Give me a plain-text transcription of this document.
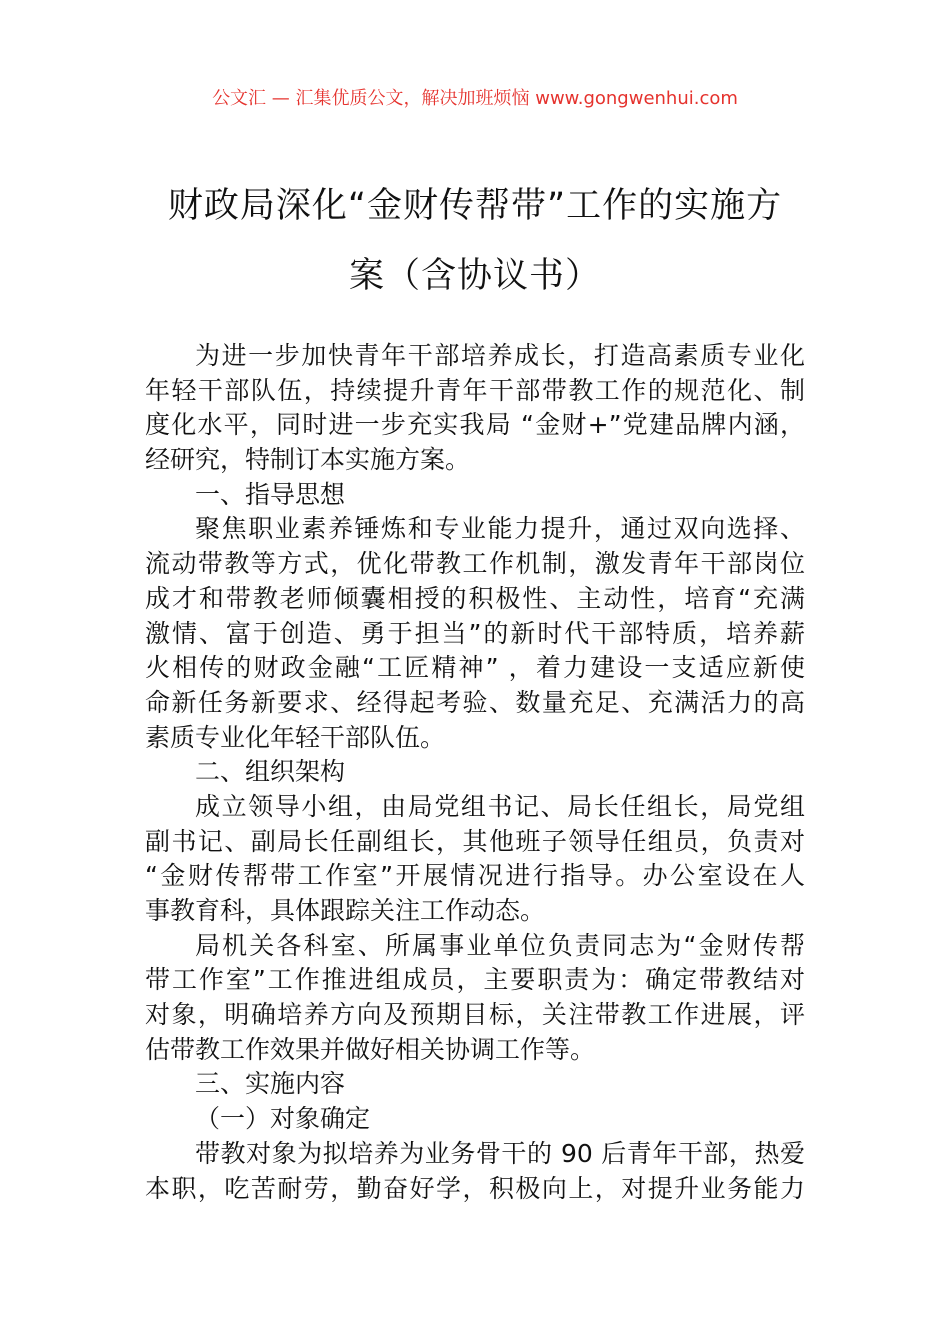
公文汇 — 汇集优质公文，解决加班烦恼 www.gongwenhui.com
财政局深化“金财传帮带”工作的实施方
案（含协议书）
为进一步加快青年干部培养成长，打造高素质专业化
年轻干部队伍，持续提升青年干部带教工作的规范化、制
度化水平，同时进一步充实我局 “金财+”党建品牌内涵，
经研究，特制订本实施方案。
一、指导思想
聚焦职业素养锤炼和专业能力提升，通过双向选择、
流动带教等方式，优化带教工作机制，激发青年干部岗位
成才和带教老师倾囊相授的积极性、主动性，培育“充满
激情、富于创造、勇于担当”的新时代干部特质，培养薪
火相传的财政金融“工匠精神” ，着力建设一支适应新使
命新任务新要求、经得起考验、数量充足、充满活力的高
素质专业化年轻干部队伍。
二、组织架构
成立领导小组，由局党组书记、局长任组长，局党组
副书记、副局长任副组长，其他班子领导任组员，负责对
“金财传帮带工作室”开展情况进行指导。办公室设在人
事教育科，具体跟踪关注工作动态。
局机关各科室、所属事业单位负责同志为“金财传帮
带工作室”工作推进组成员，主要职责为：确定带教结对
对象，明确培养方向及预期目标，关注带教工作进展，评
估带教工作效果并做好相关协调工作等。
三、实施内容
（一）对象确定
带教对象为拟培养为业务骨干的 90 后青年干部，热爱
本职，吃苦耐劳，勤奋好学，积极向上，对提升业务能力
